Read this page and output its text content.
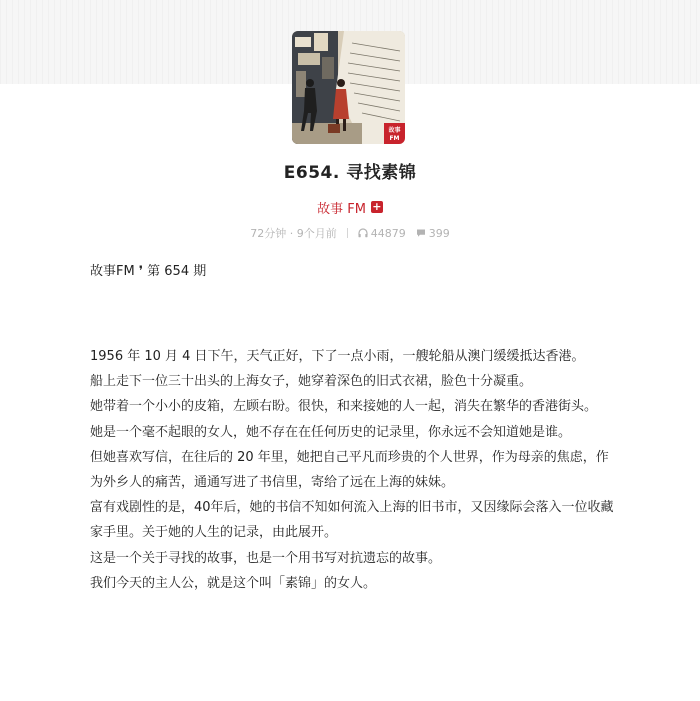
故事
FM
E654. 寻找素锦
故事 FM +
72分钟 · 9个月前	44879 399
故事FM ❜ 第 654 期

1956 年 10 月 4 日下午，天气正好，下了一点小雨，一艘轮船从澳门缓缓抵达香港。

船上走下一位三十出头的上海女子，她穿着深色的旧式衣裙，脸色十分凝重。

她带着一个小小的皮箱，左顾右盼。很快，和来接她的人一起，消失在繁华的香港街头。

她是一个毫不起眼的女人，她不存在在任何历史的记录里，你永远不会知道她是谁。

但她喜欢写信，在往后的 20 年里，她把自己平凡而珍贵的个人世界，作为母亲的焦虑，作为外乡人的痛苦，通通写进了书信里，寄给了远在上海的妹妹。

富有戏剧性的是，40年后，她的书信不知如何流入上海的旧书市，又因缘际会落入一位收藏家手里。关于她的人生的记录，由此展开。

这是一个关于寻找的故事，也是一个用书写对抗遗忘的故事。

我们今天的主人公，就是这个叫「素锦」的女人。
